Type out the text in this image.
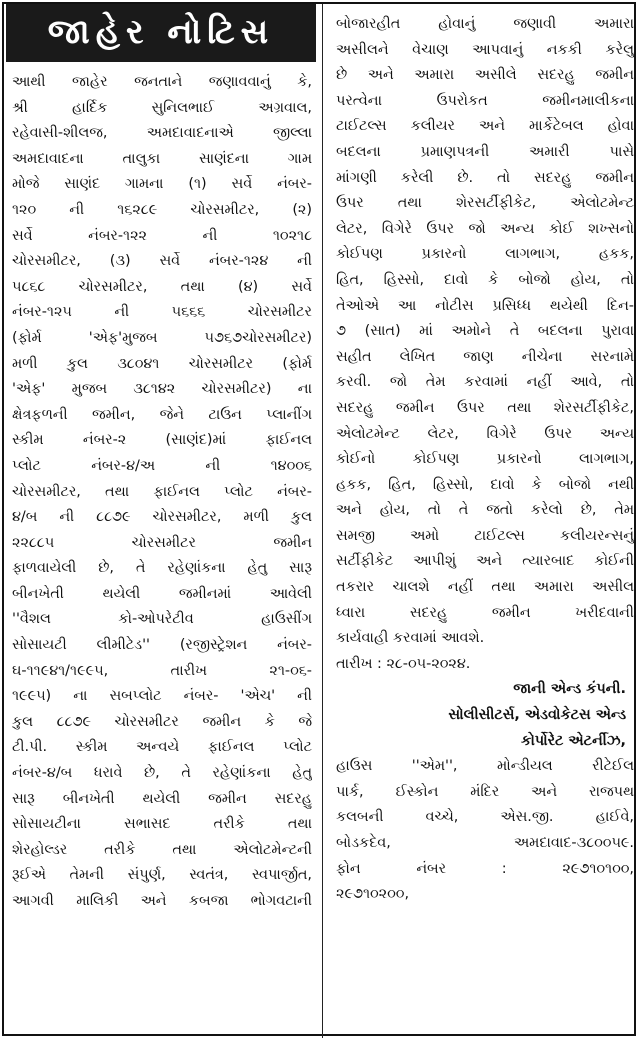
જાહેર નોટિસ
આથી જાહેર જનતાને જણાવવાનું કે,
શ્રી હાર્દિક સુનિલભાઈ અગ્રવાલ,
રહેવાસી-શીલજ, અમદાવાદનાએ જીલ્લા
અમદાવાદના તાલુકા સાણંદના ગામ
મોજે સાણંદ ગામના (૧) સર્વે નંબર-
૧૨૦ ની ૧૬૨૮૯ ચોરસમીટર, (૨)
સર્વે નંબર-૧૨૨ ની ૧૦૨૧૮
ચોરસમીટર, (૩) સર્વે નંબર-૧૨૪ ની
૫૮૬૮ ચોરસમીટર, તથા (૪) સર્વે
નંબર-૧૨૫ ની ૫૬૬૬ ચોરસમીટર
(ફોર્મ 'એફ'મુજબ ૫૭૬૭ચોરસમીટર)
મળી કુલ ૩૮૦૪૧ ચોરસમીટર (ફોર્મ
'એફ' મુજબ ૩૮૧૪૨ ચોરસમીટર) ના
ક્ષેત્રફળની જમીન, જેને ટાઉન પ્લાનીંગ
સ્કીમ નંબર-૨ (સાણંદ)માં ફાઈનલ
પ્લોટ નંબર-૪/અ ની ૧૪૦૦૬
ચોરસમીટર, તથા ફાઈનલ પ્લોટ નંબર-
૪/બ ની ૮૮૭૯ ચોરસમીટર, મળી કુલ
૨૨૮૮૫ ચોરસમીટર જમીન
ફાળવાયેલી છે, તે રહેણાંકના હેતુ સારૂ
બીનખેતી થયેલી જમીનમાં આવેલી
''વૈશલ કો-ઓપરેટીવ હાઉસીંગ
સોસાયટી લીમીટેડ'' (રજીસ્ટ્રેશન નંબર-
ઘ-૧૧૯૪૧/૧૯૯૫, તારીખ ૨૧-૦૬-
૧૯૯૫) ના સબપ્લોટ નંબર- 'એચ' ની
કુલ ૮૮૭૯ ચોરસમીટર જમીન કે જે
ટી.પી. સ્કીમ અન્વયે ફાઈનલ પ્લોટ
નંબર-૪/બ ધરાવે છે, તે રહેણાંકના હેતુ
સારૂ બીનખેતી થયેલી જમીન સદરહુ
સોસાયટીના સભાસદ તરીકે તથા
શેરહોલ્ડર તરીકે તથા એલોટમેન્ટની
રૂઈએ તેમની સંપુર્ણ, સ્વતંત્ર, સ્વપાર્જીત,
આગવી માલિકી અને કબજા ભોગવટાની
બોજારહીત હોવાનું જણાવી અમારા
અસીલને વેચાણ આપવાનું નકકી કરેલુ
છે અને અમારા અસીલે સદરહુ જમીન
પરત્વેના ઉપરોકત જમીનમાલીકના
ટાઈટલ્સ કલીયર અને માર્કેટેબલ હોવા
બદલના પ્રમાણપત્રની અમારી પાસે
માંગણી કરેલી છે. તો સદરહુ જમીન
ઉપર તથા શેરસર્ટીફીકેટ, એલોટમેન્ટ
લેટર, વિગેરે ઉપર જો અન્ય કોઈ શખ્સનો
કોઈપણ પ્રકારનો લાગભાગ, હકક,
હિત, હિસ્સો, દાવો કે બોજો હોય, તો
તેઓએ આ નોટીસ પ્રસિધ્ધ થયેથી દિન-
૭ (સાત) માં અમોને તે બદલના પુરાવા
સહીત લેખિત જાણ નીચેના સરનામે
કરવી. જો તેમ કરવામાં નહીં આવે, તો
સદરહુ જમીન ઉપર તથા શેરસર્ટીફીકેટ,
એલોટમેન્ટ લેટર, વિગેરે ઉપર અન્ય
કોઈનો કોઈપણ પ્રકારનો લાગભાગ,
હકક, હિત, હિસ્સો, દાવો કે બોજો નથી
અને હોય, તો તે જતો કરેલો છે, તેમ
સમજી અમો ટાઈટલ્સ કલીયરન્સનું
સર્ટીફીકેટ આપીશું અને ત્યારબાદ કોઈની
તકરાર ચાલશે નહીં તથા અમારા અસીલ
ધ્વારા સદરહુ જમીન ખરીદવાની
કાર્યવાહી કરવામાં આવશે.
તારીખ : ૨૮-૦૫-૨૦૨૪.
જાની એન્ડ કંપની.
સોલીસીટર્સ, એડવોકેટસ એન્ડ
કોર્પોરેટ એટર્નીઝ,
હાઉસ ''એમ'', મોન્ડીયલ રીટેઈલ
પાર્ક, ઈસ્કોન મંદિર અને રાજપથ
કલબની વચ્ચે, એસ.જી. હાઈવે,
બોડકદેવ, અમદાવાદ-૩૮૦૦૫૯.
ફોન નંબર : ૨૯૭૧૦૧૦૦,
૨૯૭૧૦૨૦૦,
